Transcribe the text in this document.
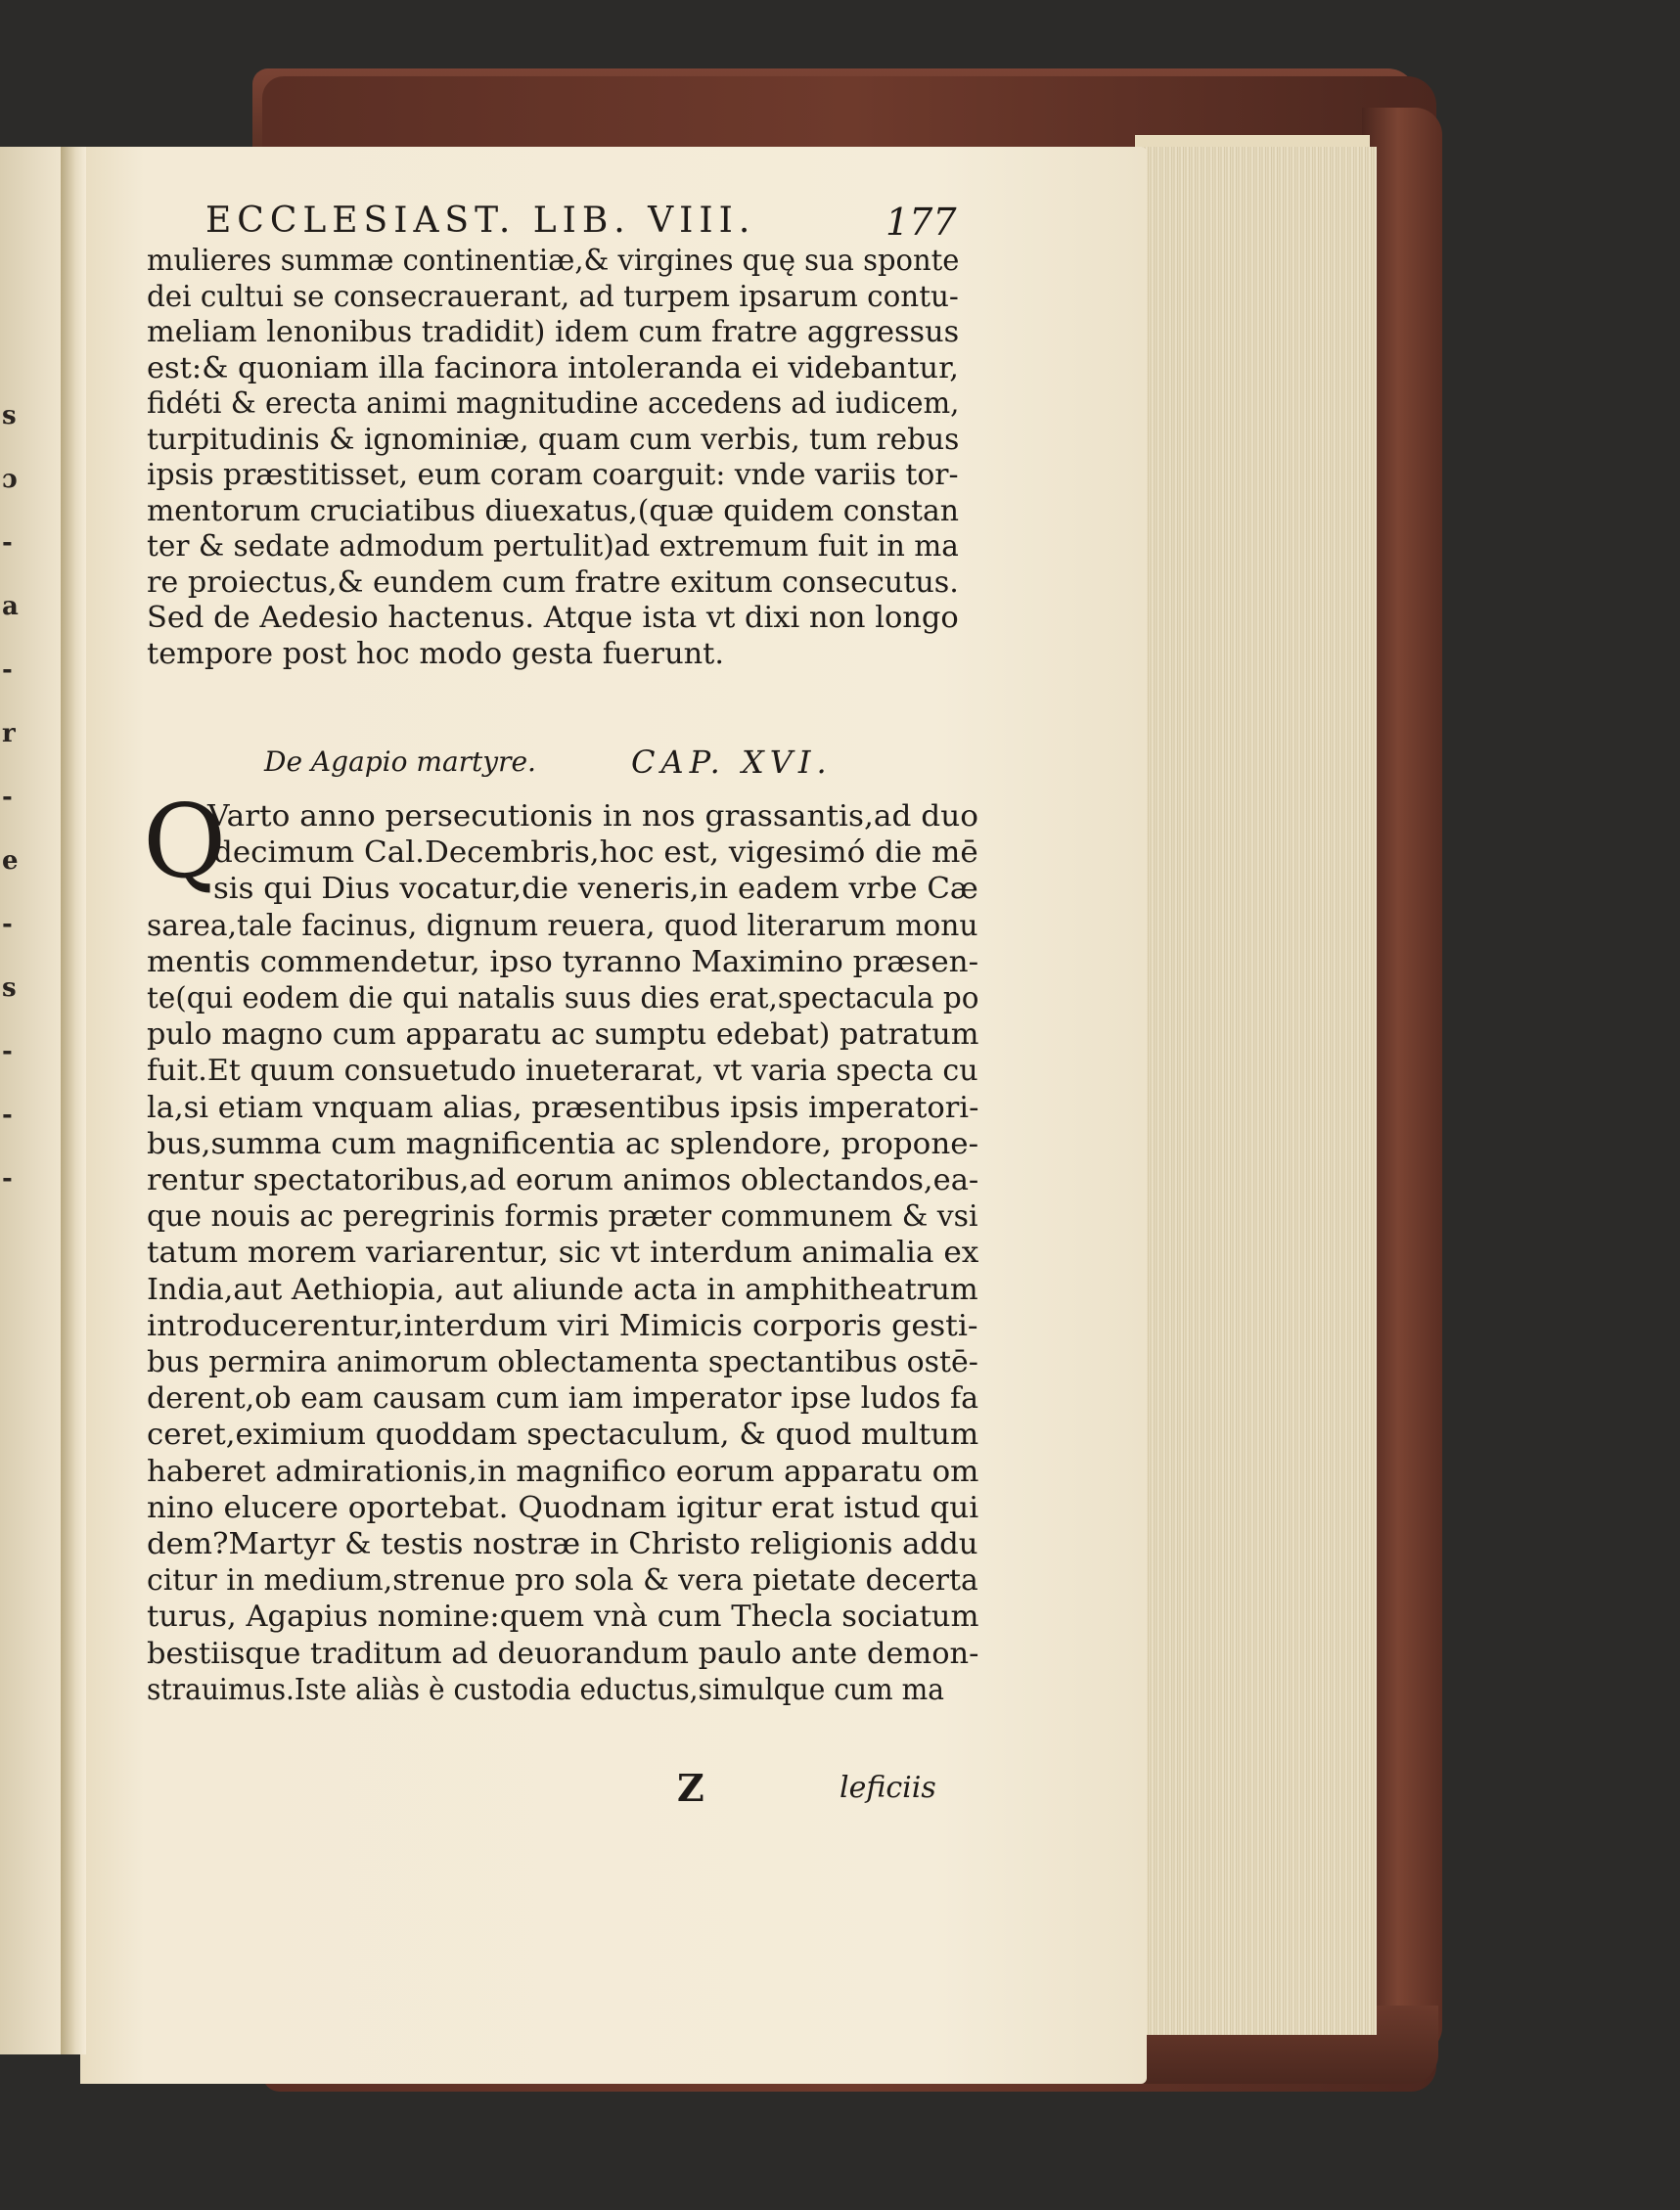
s
ɔ
-
a
-
r
-
e
-
s
-
-
-
ECCLESIAST. LIB. VIII.	177
mulieres summæ continentiæ,& virgines quę sua sponte
dei cultui se consecrauerant, ad turpem ipsarum contu-
meliam lenonibus tradidit) idem cum fratre aggressus
est:& quoniam illa facinora intoleranda ei videbantur,
fidéti & erecta animi magnitudine accedens ad iudicem,
turpitudinis & ignominiæ, quam cum verbis, tum rebus
ipsis præstitisset, eum coram coarguit: vnde variis tor-
mentorum cruciatibus diuexatus,(quæ quidem constan
ter & sedate admodum pertulit)ad extremum fuit in ma
re proiectus,& eundem cum fratre exitum consecutus.
Sed de Aedesio hactenus. Atque ista vt dixi non longo
tempore post hoc modo gesta fuerunt.
De Agapio martyre.	CAP. XVI.
Q
Varto anno persecutionis in nos grassantis,ad duo
decimum Cal.Decembris,hoc est, vigesimó die mē
sis qui Dius vocatur,die veneris,in eadem vrbe Cæ
sarea,tale facinus, dignum reuera, quod literarum monu
mentis commendetur, ipso tyranno Maximino præsen-
te(qui eodem die qui natalis suus dies erat,spectacula po
pulo magno cum apparatu ac sumptu edebat) patratum
fuit.Et quum consuetudo inueterarat, vt varia specta cu
la,si etiam vnquam alias, præsentibus ipsis imperatori-
bus,summa cum magnificentia ac splendore, propone-
rentur spectatoribus,ad eorum animos oblectandos,ea-
que nouis ac peregrinis formis præter communem & vsi
tatum morem variarentur, sic vt interdum animalia ex
India,aut Aethiopia, aut aliunde acta in amphitheatrum
introducerentur,interdum viri Mimicis corporis gesti-
bus permira animorum oblectamenta spectantibus ostē-
derent,ob eam causam cum iam imperator ipse ludos fa
ceret,eximium quoddam spectaculum, & quod multum
haberet admirationis,in magnifico eorum apparatu om
nino elucere oportebat. Quodnam igitur erat istud qui
dem?Martyr & testis nostræ in Christo religionis addu
citur in medium,strenue pro sola & vera pietate decerta
turus, Agapius nomine:quem vnà cum Thecla sociatum
bestiisque traditum ad deuorandum paulo ante demon-
strauimus.Iste aliàs è custodia eductus,simulque cum ma
Z	leficiis
